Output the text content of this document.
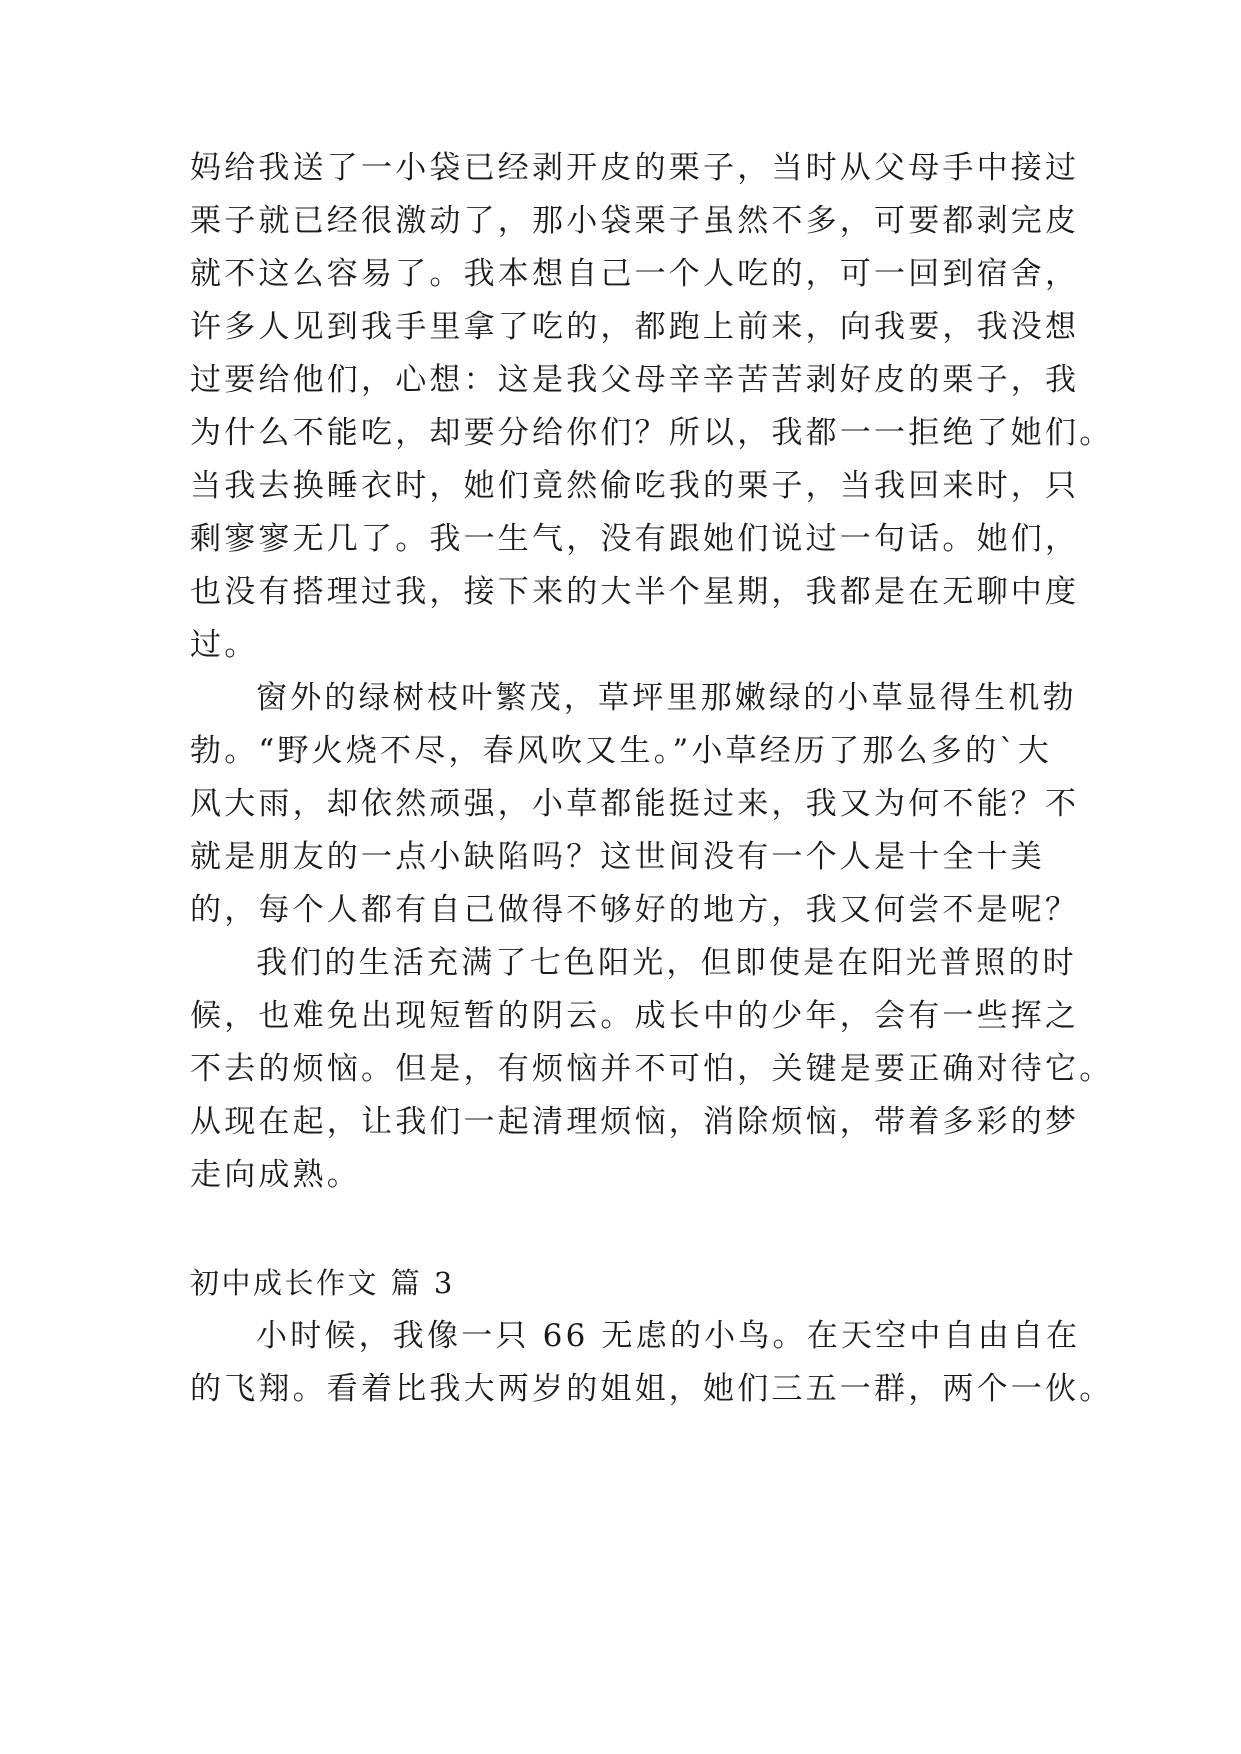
妈给我送了一小袋已经剥开皮的栗子，当时从父母手中接过
栗子就已经很激动了，那小袋栗子虽然不多，可要都剥完皮
就不这么容易了。我本想自己一个人吃的，可一回到宿舍，
许多人见到我手里拿了吃的，都跑上前来，向我要，我没想
过要给他们，心想：这是我父母辛辛苦苦剥好皮的栗子，我
为什么不能吃，却要分给你们？所以，我都一一拒绝了她们。
当我去换睡衣时，她们竟然偷吃我的栗子，当我回来时，只
剩寥寥无几了。我一生气，没有跟她们说过一句话。她们，
也没有搭理过我，接下来的大半个星期，我都是在无聊中度
过。
窗外的绿树枝叶繁茂，草坪里那嫩绿的小草显得生机勃
勃。“野火烧不尽，春风吹又生。”小草经历了那么多的`大
风大雨，却依然顽强，小草都能挺过来，我又为何不能？不
就是朋友的一点小缺陷吗？这世间没有一个人是十全十美
的，每个人都有自己做得不够好的地方，我又何尝不是呢？
我们的生活充满了七色阳光，但即使是在阳光普照的时
候，也难免出现短暂的阴云。成长中的少年，会有一些挥之
不去的烦恼。但是，有烦恼并不可怕，关键是要正确对待它。
从现在起，让我们一起清理烦恼，消除烦恼，带着多彩的梦
走向成熟。
初中成长作文 篇 3
小时候，我像一只 66 无虑的小鸟。在天空中自由自在
的飞翔。看着比我大两岁的姐姐，她们三五一群，两个一伙。
